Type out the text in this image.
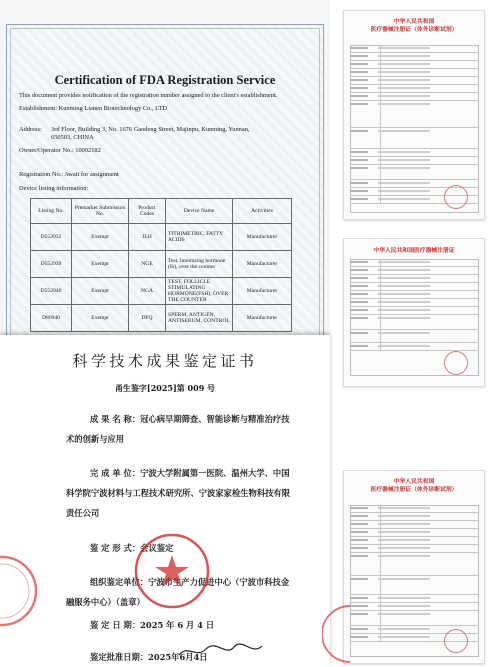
Certification of FDA Registration Service
This document provides notification of the registration number assigned to the client's establishment.
Establishment: Kunming Lianen Biotechnology Co., LTD
Address: 3rd Floor, Building 3, No. 1676 Gaodeng Street, Majinpu, Kunming, Yunnan,
650503, CHINA
Owner/Operator No.: 10092182
Registration No.: Await for assignment
Device listing information:
Listing No.	Premarket Submission No.	Product Codes	Device Name	Activities
D552932	Exempt	JLH	TITRIMETRIC, FATTY ACIDS	Manufacturer
D552939	Exempt	NGE	Test, luteinizing hormone (lh), over the counter	Manufacturer
D552940	Exempt	NGA	TEST, FOLLICLE STIMULATING HORMONE(FSH), OVER THE COUNTER	Manufacturer
D80940	Exempt	DFQ	SPERM, ANTIGEN, ANTISERUM, CONTROL	Manufacturer
科学技术成果鉴定证书
甬生鉴字[2025]第 009 号
成 果 名 称：冠心病早期筛查、智能诊断与精准治疗技
术的创新与应用
完 成 单 位：宁波大学附属第一医院、温州大学、中国
科学院宁波材料与工程技术研究所、宁波家家检生物科技有限
责任公司
鉴 定 形 式：会议鉴定
组织鉴定单位：宁波市生产力促进中心（宁波市科技金
融服务中心）（盖章）
鉴 定 日 期：2025 年 6 月 4 日
鉴定批准日期：2025年6月4日
中华人民共和国
医疗器械注册证（体外诊断试剂）
中华人民共和国医疗器械注册证
中华人民共和国
医疗器械注册证（体外诊断试剂）
